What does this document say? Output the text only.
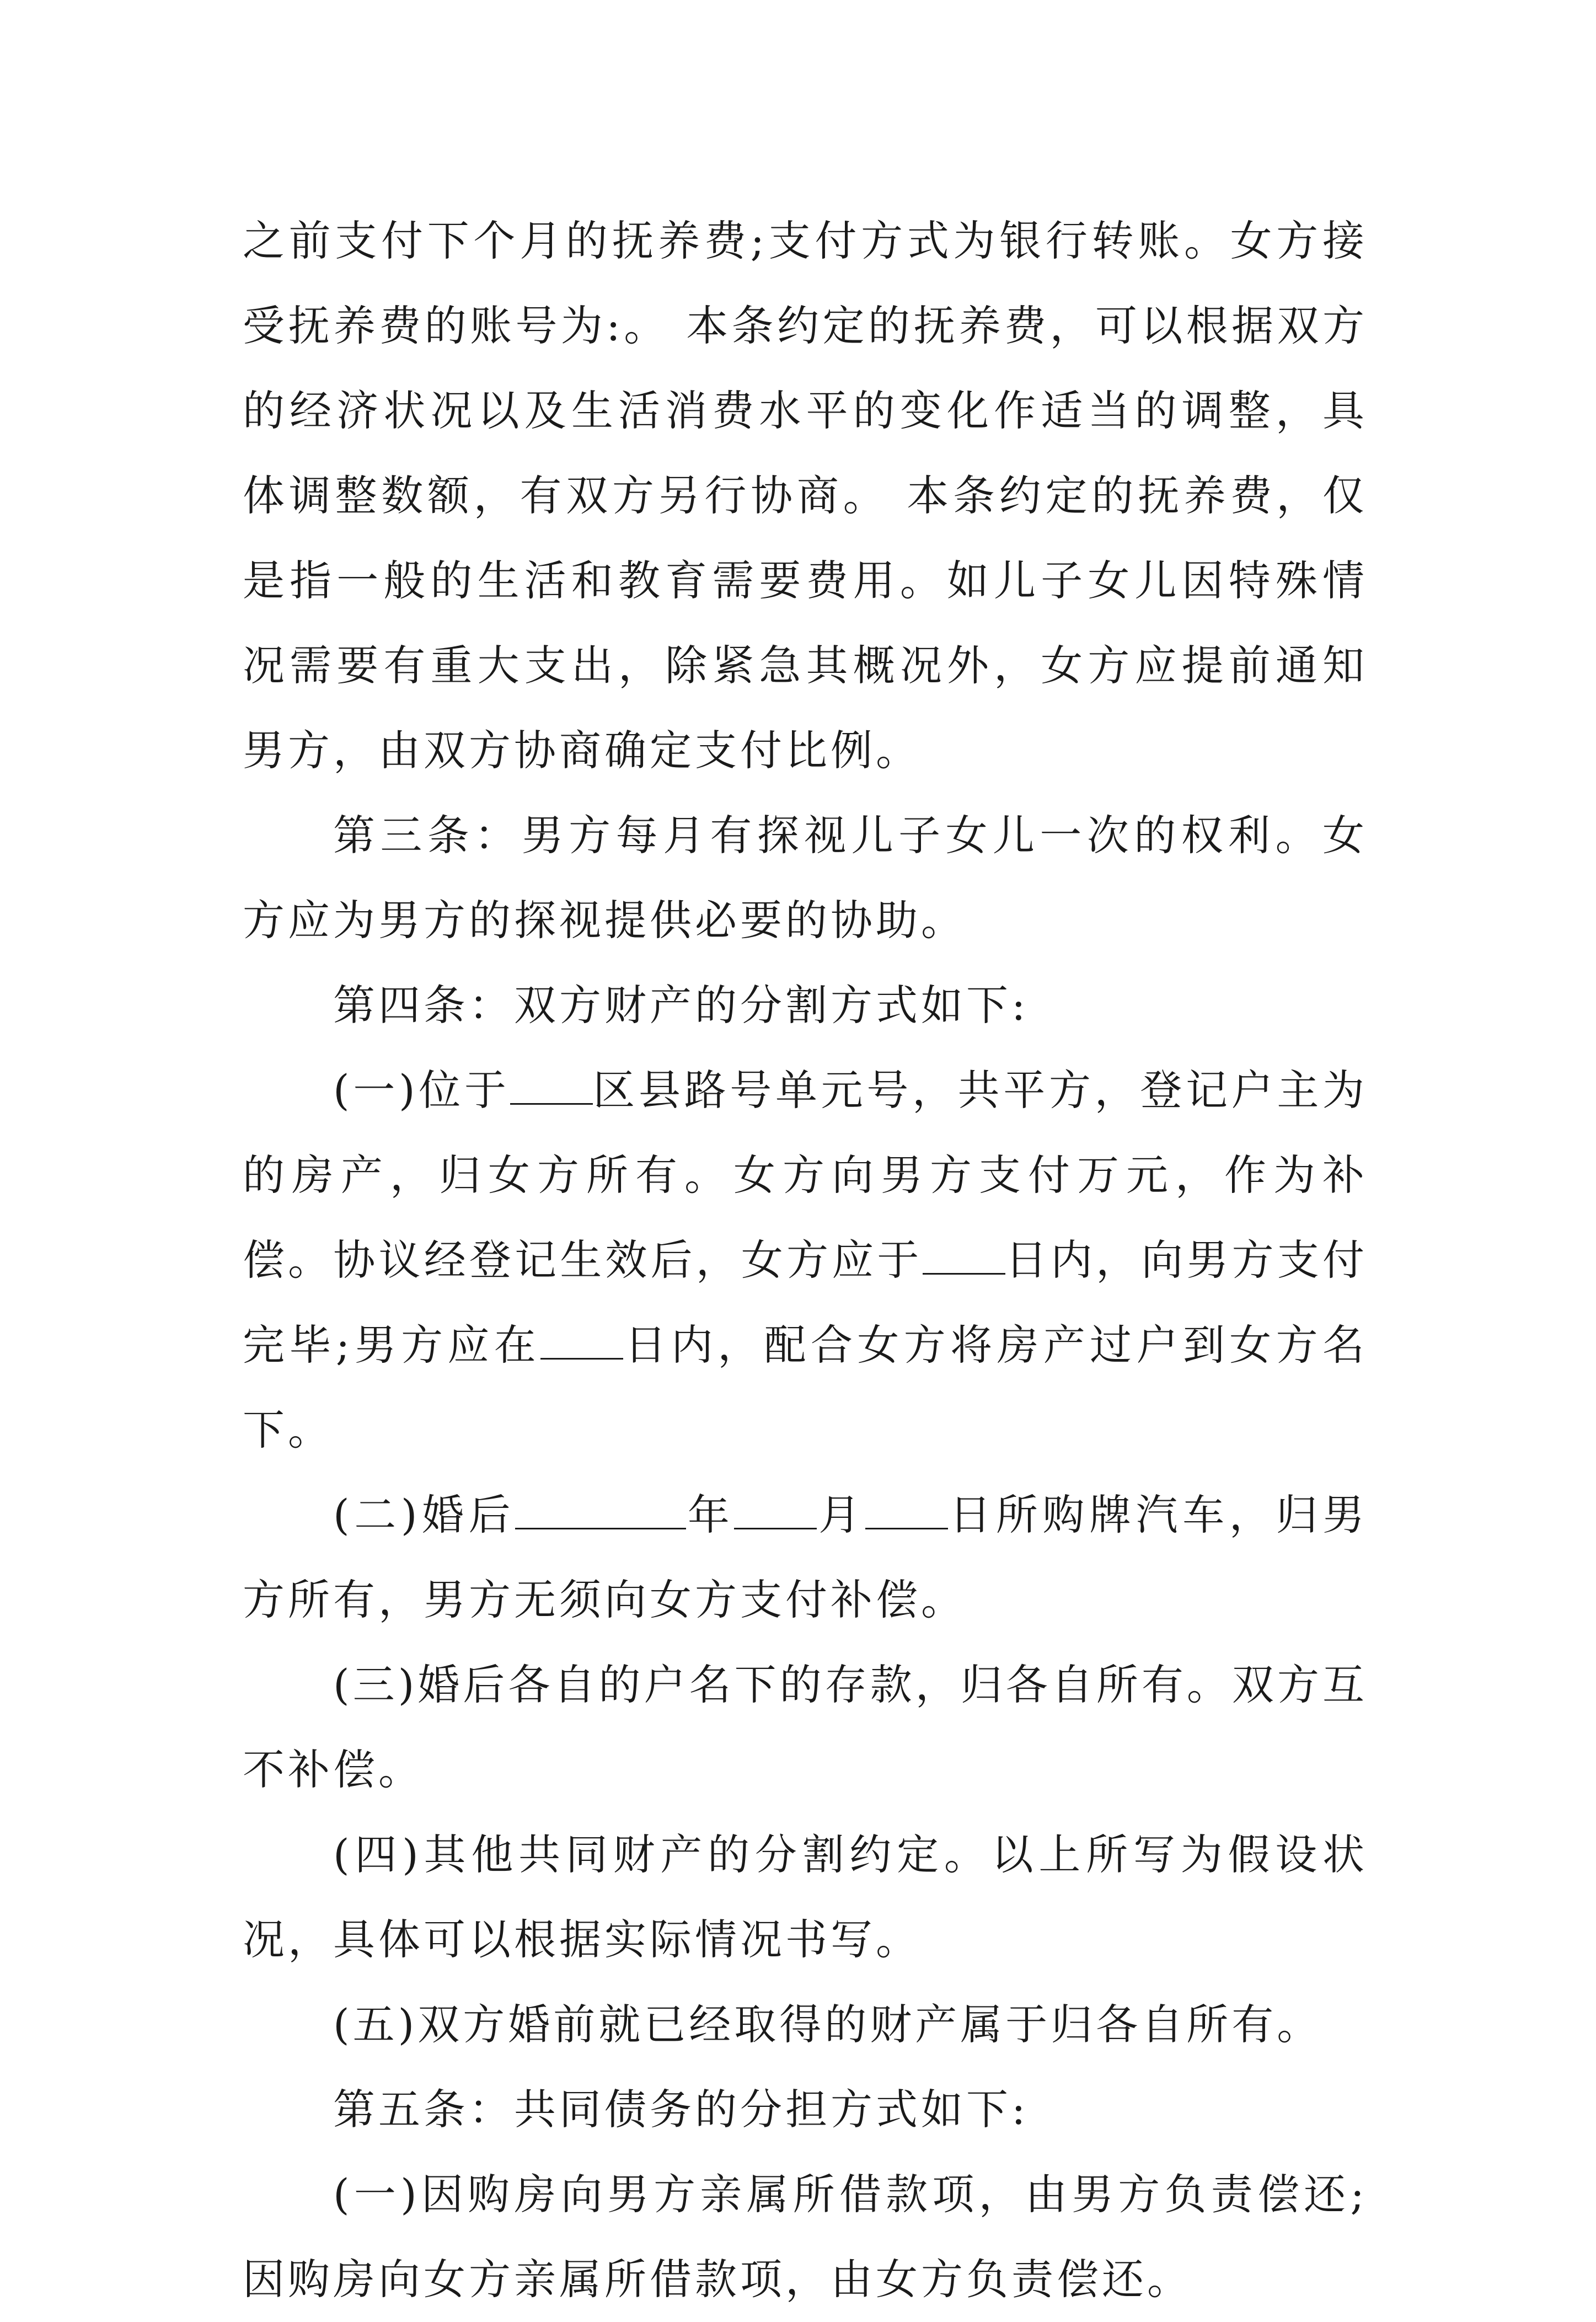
之前支付下个月的抚养费;支付方式为银行转账。女方接受抚养费的账号为:。 本条约定的抚养费，可以根据双方的经济状况以及生活消费水平的变化作适当的调整，具体调整数额，有双方另行协商。 本条约定的抚养费，仅是指一般的生活和教育需要费用。如儿子女儿因特殊情况需要有重大支出，除紧急其概况外，女方应提前通知男方，由双方协商确定支付比例。

第三条：男方每月有探视儿子女儿一次的权利。女方应为男方的探视提供必要的协助。

第四条：双方财产的分割方式如下:

(一)位于 区县路号单元号，共平方，登记户主为的房产，归女方所有。女方向男方支付万元，作为补偿。协议经登记生效后，女方应于 日内，向男方支付完毕;男方应在 日内，配合女方将房产过户到女方名下。

(二)婚后	年 月 日所购牌汽车，归男方所有，男方无须向女方支付补偿。

(三)婚后各自的户名下的存款，归各自所有。双方互不补偿。

(四)其他共同财产的分割约定。以上所写为假设状况，具体可以根据实际情况书写。

(五)双方婚前就已经取得的财产属于归各自所有。

第五条：共同债务的分担方式如下:

(一)因购房向男方亲属所借款项，由男方负责偿还;因购房向女方亲属所借款项，由女方负责偿还。
